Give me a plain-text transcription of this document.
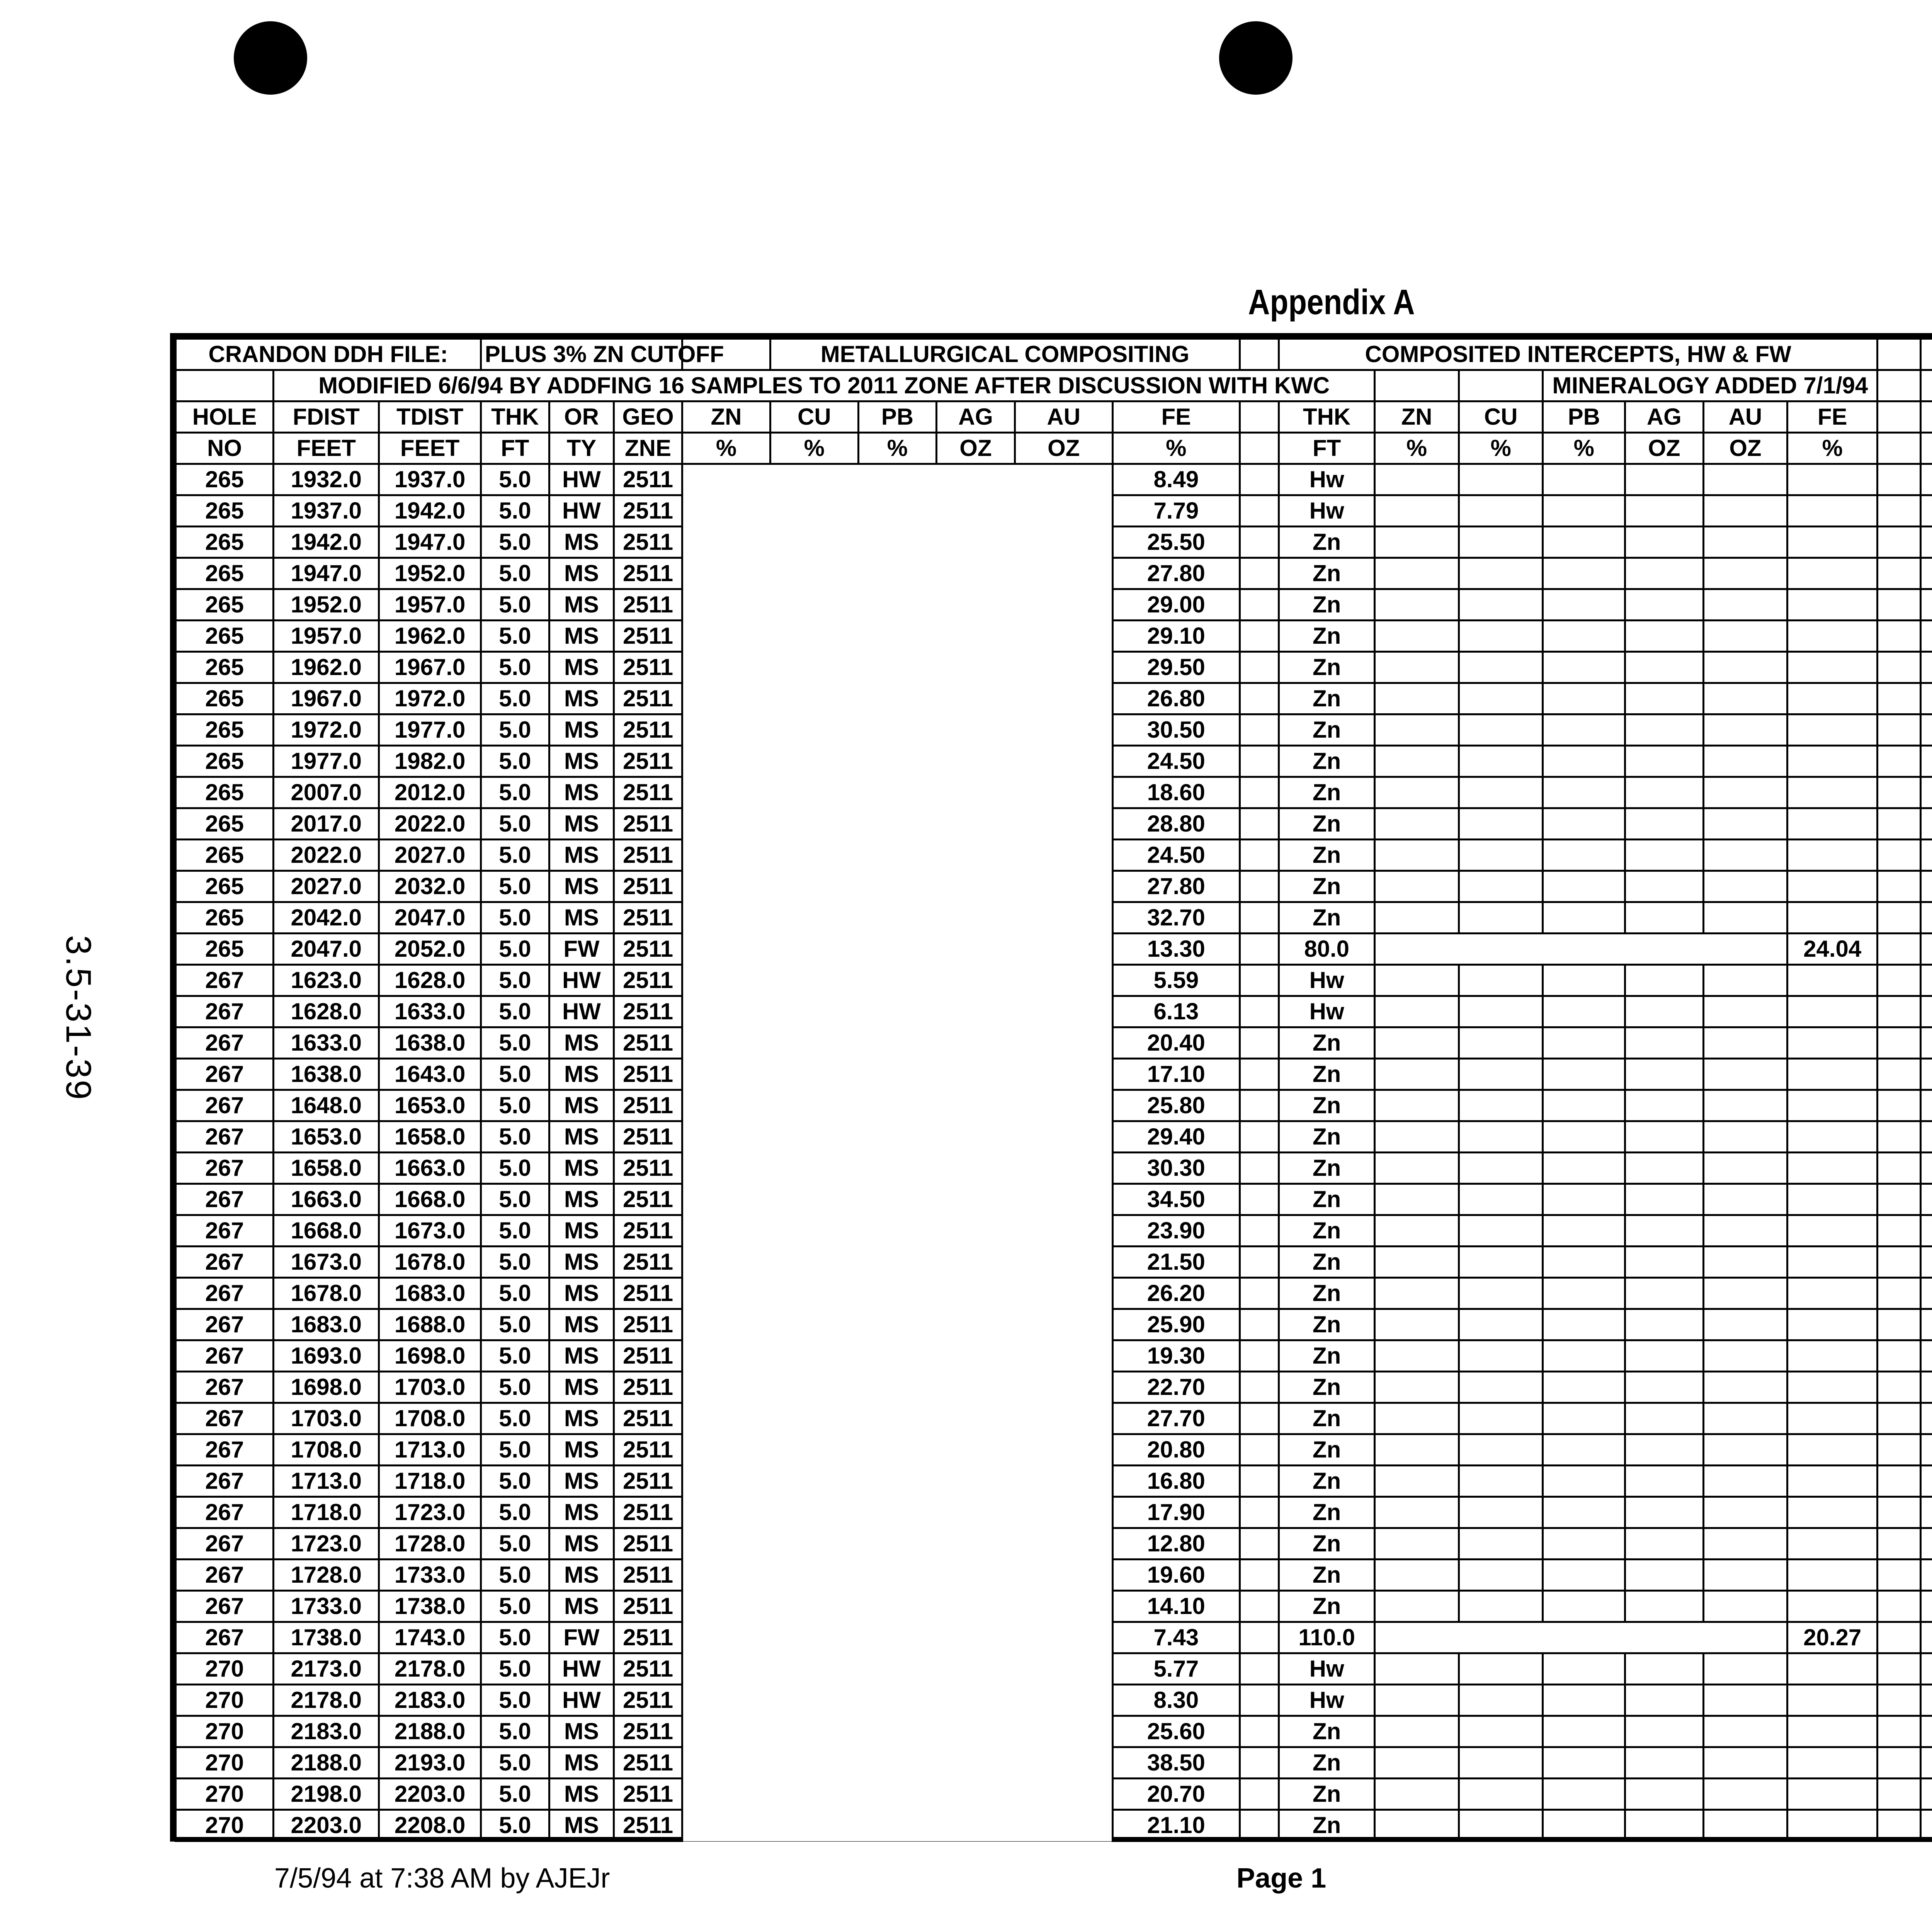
3.5-31-39
Appendix A
CRANDON DDH FILE:			PLUS 3% ZN CUTOFF				METALLURGICAL COMPOSITING						COMPOSITED INTERCEPTS, HW & FW			
	MODIFIED 6/6/94 BY ADDFING 16 SAMPLES TO 2011 ZONE AFTER DISCUSSION WITH KWC															MINERALOGY ADDED 7/1/94										
HOLE	FDIST	TDIST	THK	OR	GEO	ZN	CU	PB	AG	AU	FE		THK	ZN	CU	PB	AG	AU	FE							
NO	FEET	FEET	FT	TY	ZNE	%	%	%	OZ	OZ	%		FT	%	%	%	OZ	OZ	%							
265	1932.0	1937.0	5.0	HW	2511						8.49		Hw													
265	1937.0	1942.0	5.0	HW	2511						7.79		Hw													
265	1942.0	1947.0	5.0	MS	2511						25.50		Zn													
265	1947.0	1952.0	5.0	MS	2511						27.80		Zn													
265	1952.0	1957.0	5.0	MS	2511						29.00		Zn													
265	1957.0	1962.0	5.0	MS	2511						29.10		Zn													
265	1962.0	1967.0	5.0	MS	2511						29.50		Zn													
265	1967.0	1972.0	5.0	MS	2511						26.80		Zn													
265	1972.0	1977.0	5.0	MS	2511						30.50		Zn													
265	1977.0	1982.0	5.0	MS	2511						24.50		Zn													
265	2007.0	2012.0	5.0	MS	2511						18.60		Zn													
265	2017.0	2022.0	5.0	MS	2511						28.80		Zn													
265	2022.0	2027.0	5.0	MS	2511						24.50		Zn													
265	2027.0	2032.0	5.0	MS	2511						27.80		Zn													
265	2042.0	2047.0	5.0	MS	2511						32.70		Zn													
265	2047.0	2052.0	5.0	FW	2511						13.30		80.0						24.04							
267	1623.0	1628.0	5.0	HW	2511						5.59		Hw													
267	1628.0	1633.0	5.0	HW	2511						6.13		Hw													
267	1633.0	1638.0	5.0	MS	2511						20.40		Zn													
267	1638.0	1643.0	5.0	MS	2511						17.10		Zn													
267	1648.0	1653.0	5.0	MS	2511						25.80		Zn													
267	1653.0	1658.0	5.0	MS	2511						29.40		Zn													
267	1658.0	1663.0	5.0	MS	2511						30.30		Zn													
267	1663.0	1668.0	5.0	MS	2511						34.50		Zn													
267	1668.0	1673.0	5.0	MS	2511						23.90		Zn													
267	1673.0	1678.0	5.0	MS	2511						21.50		Zn													
267	1678.0	1683.0	5.0	MS	2511						26.20		Zn													
267	1683.0	1688.0	5.0	MS	2511						25.90		Zn													
267	1693.0	1698.0	5.0	MS	2511						19.30		Zn													
267	1698.0	1703.0	5.0	MS	2511						22.70		Zn													
267	1703.0	1708.0	5.0	MS	2511						27.70		Zn													
267	1708.0	1713.0	5.0	MS	2511						20.80		Zn													
267	1713.0	1718.0	5.0	MS	2511						16.80		Zn													
267	1718.0	1723.0	5.0	MS	2511						17.90		Zn													
267	1723.0	1728.0	5.0	MS	2511						12.80		Zn													
267	1728.0	1733.0	5.0	MS	2511						19.60		Zn													
267	1733.0	1738.0	5.0	MS	2511						14.10		Zn													
267	1738.0	1743.0	5.0	FW	2511						7.43		110.0						20.27							
270	2173.0	2178.0	5.0	HW	2511						5.77		Hw													
270	2178.0	2183.0	5.0	HW	2511						8.30		Hw													
270	2183.0	2188.0	5.0	MS	2511						25.60		Zn													
270	2188.0	2193.0	5.0	MS	2511						38.50		Zn													
270	2198.0	2203.0	5.0	MS	2511						20.70		Zn													
270	2203.0	2208.0	5.0	MS	2511						21.10		Zn													
7/5/94 at 7:38 AM by AJEJr	Page 1
